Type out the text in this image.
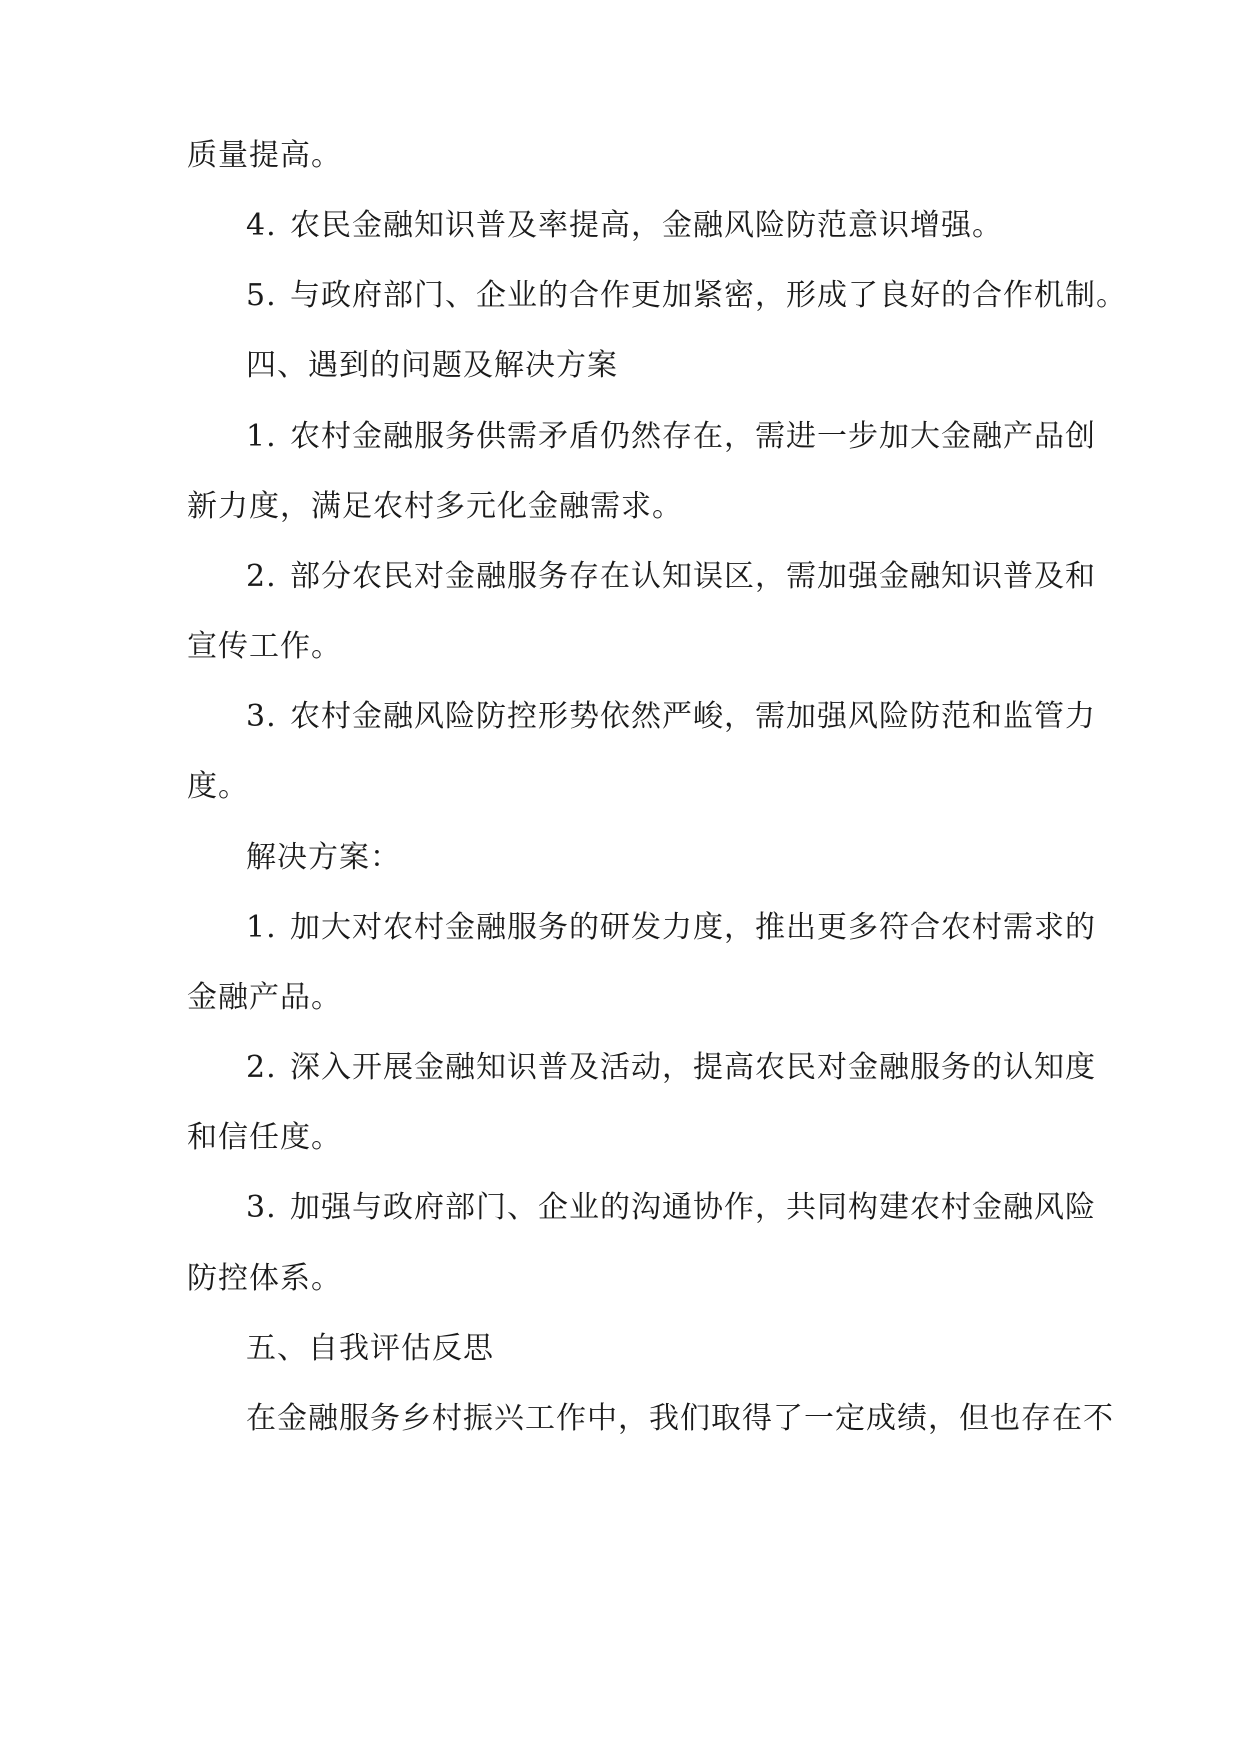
质量提高。

4. 农民金融知识普及率提高，金融风险防范意识增强。

5. 与政府部门、企业的合作更加紧密，形成了良好的合作机制。

四、遇到的问题及解决方案

1. 农村金融服务供需矛盾仍然存在，需进一步加大金融产品创

新力度，满足农村多元化金融需求。

2. 部分农民对金融服务存在认知误区，需加强金融知识普及和

宣传工作。

3. 农村金融风险防控形势依然严峻，需加强风险防范和监管力

度。

解决方案：

1. 加大对农村金融服务的研发力度，推出更多符合农村需求的

金融产品。

2. 深入开展金融知识普及活动，提高农民对金融服务的认知度

和信任度。

3. 加强与政府部门、企业的沟通协作，共同构建农村金融风险

防控体系。

五、自我评估反思

在金融服务乡村振兴工作中，我们取得了一定成绩，但也存在不
